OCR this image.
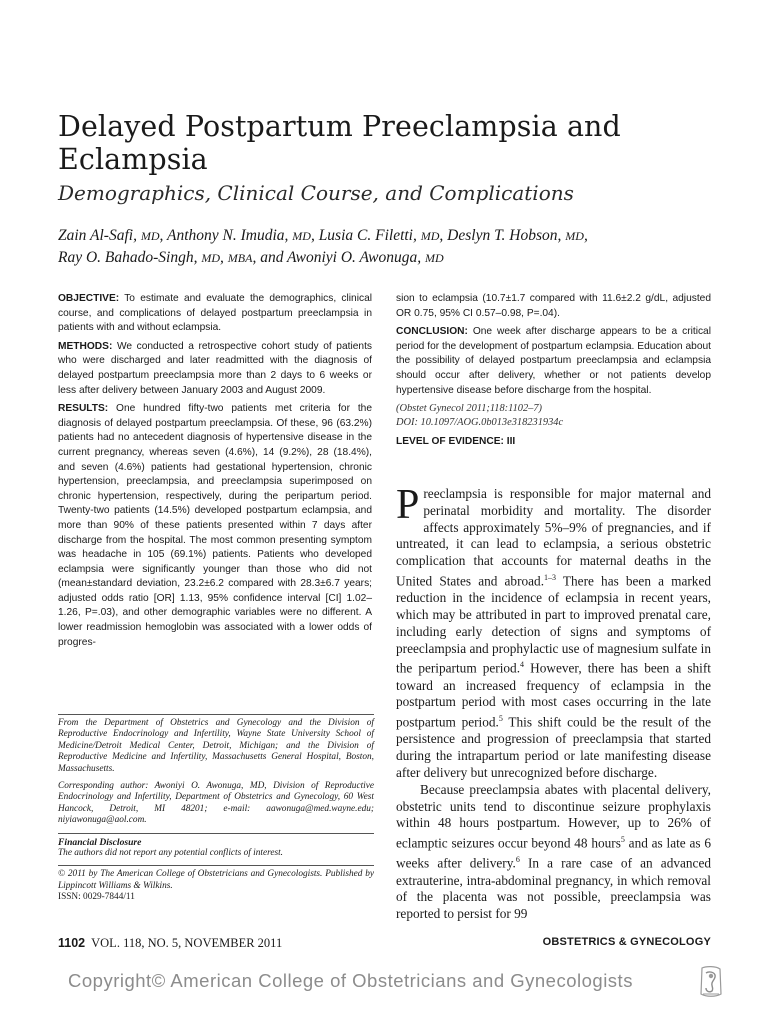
Delayed Postpartum Preeclampsia and Eclampsia
Demographics, Clinical Course, and Complications
Zain Al-Safi, MD, Anthony N. Imudia, MD, Lusia C. Filetti, MD, Deslyn T. Hobson, MD,
Ray O. Bahado-Singh, MD, MBA, and Awoniyi O. Awonuga, MD

OBJECTIVE: To estimate and evaluate the demographics, clinical course, and complications of delayed postpartum preeclampsia in patients with and without eclampsia.

METHODS: We conducted a retrospective cohort study of patients who were discharged and later readmitted with the diagnosis of delayed postpartum preeclampsia more than 2 days to 6 weeks or less after delivery between January 2003 and August 2009.

RESULTS: One hundred fifty-two patients met criteria for the diagnosis of delayed postpartum preeclampsia. Of these, 96 (63.2%) patients had no antecedent diagnosis of hypertensive disease in the current pregnancy, whereas seven (4.6%), 14 (9.2%), 28 (18.4%), and seven (4.6%) patients had gestational hypertension, chronic hypertension, preeclampsia, and preeclampsia superimposed on chronic hypertension, respectively, during the peripartum period. Twenty-two patients (14.5%) developed postpartum eclampsia, and more than 90% of these patients presented within 7 days after discharge from the hospital. The most common presenting symptom was headache in 105 (69.1%) patients. Patients who developed eclampsia were significantly younger than those who did not (mean±standard deviation, 23.2±6.2 compared with 28.3±6.7 years; adjusted odds ratio [OR] 1.13, 95% confidence interval [CI] 1.02–1.26, P=.03), and other demographic variables were no different. A lower readmission hemoglobin was associated with a lower odds of progres-

From the Department of Obstetrics and Gynecology and the Division of Reproductive Endocrinology and Infertility, Wayne State University School of Medicine/Detroit Medical Center, Detroit, Michigan; and the Division of Reproductive Medicine and Infertility, Massachusetts General Hospital, Boston, Massachusetts.

Corresponding author: Awoniyi O. Awonuga, MD, Division of Reproductive Endocrinology and Infertility, Department of Obstetrics and Gynecology, 60 West Hancock, Detroit, MI 48201; e-mail: aawonuga@med.wayne.edu; niyiawonuga@aol.com.

Financial Disclosure

The authors did not report any potential conflicts of interest.

© 2011 by The American College of Obstetricians and Gynecologists. Published by Lippincott Williams & Wilkins.

ISSN: 0029-7844/11

sion to eclampsia (10.7±1.7 compared with 11.6±2.2 g/dL, adjusted OR 0.75, 95% CI 0.57–0.98, P=.04).

CONCLUSION: One week after discharge appears to be a critical period for the development of postpartum eclampsia. Education about the possibility of delayed postpartum preeclampsia and eclampsia should occur after delivery, whether or not patients develop hypertensive disease before discharge from the hospital.

(Obstet Gynecol 2011;118:1102–7)

DOI: 10.1097/AOG.0b013e318231934c

LEVEL OF EVIDENCE: III

Preeclampsia is responsible for major maternal and perinatal morbidity and mortality. The disorder affects approximately 5%–9% of pregnancies, and if untreated, it can lead to eclampsia, a serious obstetric complication that accounts for maternal deaths in the United States and abroad.$^{1-3}$ There has been a marked reduction in the incidence of eclampsia in recent years, which may be attributed in part to improved prenatal care, including early detection of signs and symptoms of preeclampsia and prophylactic use of magnesium sulfate in the peripartum period.$^4$ However, there has been a shift toward an increased frequency of eclampsia in the postpartum period with most cases occurring in the late postpartum period.$^5$ This shift could be the result of the persistence and progression of preeclampsia that started during the intrapartum period or late manifesting disease after delivery but unrecognized before discharge.

Because preeclampsia abates with placental delivery, obstetric units tend to discontinue seizure prophylaxis within 48 hours postpartum. However, up to 26% of eclamptic seizures occur beyond 48 hours$^5$ and as late as 6 weeks after delivery.$^6$ In a rare case of an advanced extrauterine, intra-abdominal pregnancy, in which removal of the placenta was not possible, preeclampsia was reported to persist for 99

1102 VOL. 118, NO. 5, NOVEMBER 2011	OBSTETRICS & GYNECOLOGY
Copyright© American College of Obstetricians and Gynecologists
